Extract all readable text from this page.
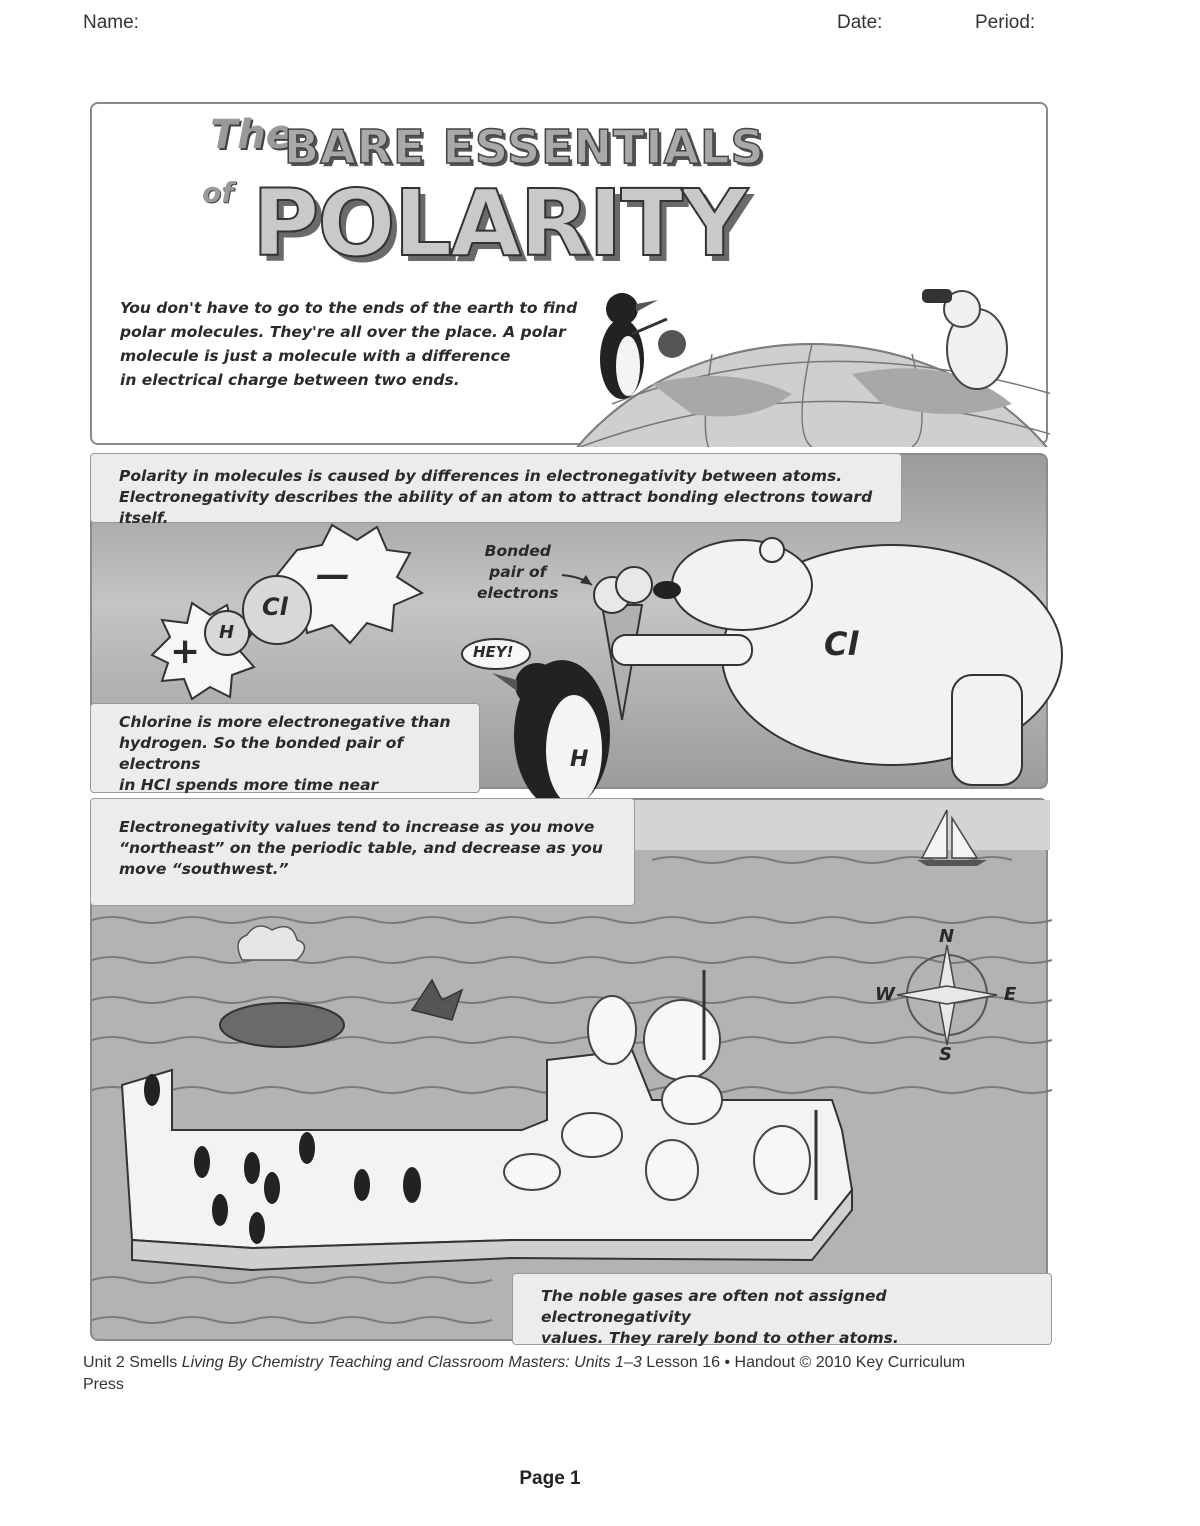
Name:	Date:	Period:
The
of
BARE ESSENTIALS
POLARITY
You don't have to go to the ends of the earth to find
polar molecules. They're all over the place. A polar
molecule is just a molecule with a difference
in electrical charge between two ends.
Polarity in molecules is caused by differences in electronegativity between atoms.
Electronegativity describes the ability of an atom to attract bonding electrons toward itself.
+
—
H
Cl
Bonded
pair of
electrons
HEY!	Cl
H
Chlorine is more electronegative than
hydrogen. So the bonded pair of electrons
in HCl spends more time near
Electronegativity values tend to increase as you move
“northeast” on the periodic table, and decrease as you
move “southwest.”
N
E
S
W
The noble gases are often not assigned electronegativity
values. They rarely bond to other atoms.
Unit 2 Smells Living By Chemistry Teaching and Classroom Masters: Units 1–3 Lesson 16 • Handout © 2010 Key Curriculum
Press
Page 1
